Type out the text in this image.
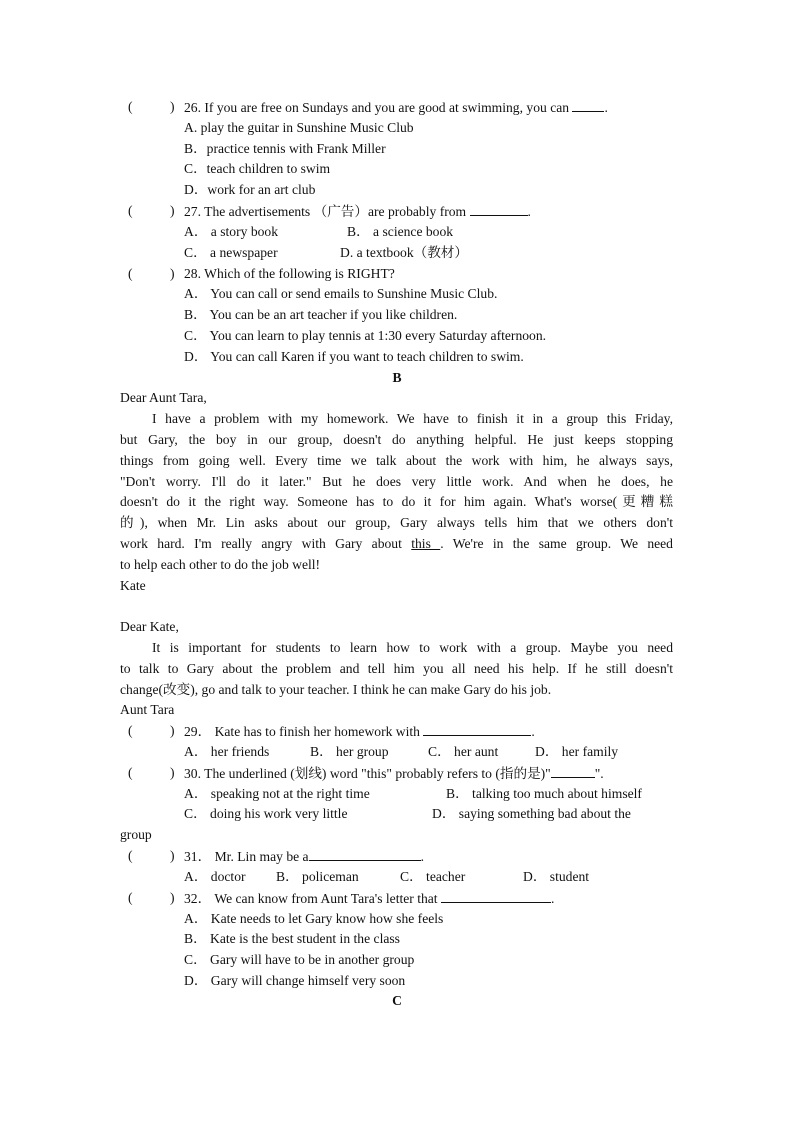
(	) 26. If you are free on Sundays and you are good at swimming, you can .
A. play the guitar in Sunshine Music Club
B．practice tennis with Frank Miller
C．teach children to swim
D．work for an art club
(	) 27. The advertisements （广告）are probably from	.
A． a story book	B． a science book
C． a newspaper	D. a textbook（教材）
(	) 28. Which of the following is RIGHT?
A． You can call or send emails to Sunshine Music Club.
B． You can be an art teacher if you like children.
C． You can learn to play tennis at 1:30 every Saturday afternoon.
D． You can call Karen if you want to teach children to swim.
B
Dear Aunt Tara,
I have a problem with my homework. We have to finish it in a group this Friday,
but Gary, the boy in our group, doesn't do anything helpful. He just keeps stopping
things from going well. Every time we talk about the work with him, he always says,
"Don't worry. I'll do it later." But he does very little work. And when he does, he
doesn't do it the right way. Someone has to do it for him again. What's worse(更糟糕
的), when Mr. Lin asks about our group, Gary always tells him that we others don't
work hard. I'm really angry with Gary about this . We're in the same group. We need
to help each other to do the job well!
Kate
Dear Kate,
It is important for students to learn how to work with a group. Maybe you need
to talk to Gary about the problem and tell him you all need his help. If he still doesn't
change(改变), go and talk to your teacher. I think he can make Gary do his job.
Aunt Tara
(	) 29． Kate has to finish her homework with	.
A． her friends	B． her group	C． her aunt	D． her family
(	) 30. The underlined (划线) word "this" probably refers to (指的是)"	".
A． speaking not at the right time	B． talking too much about himself
C． doing his work very little	D． saying something bad about the
group
(	) 31． Mr. Lin may be a	.
A． doctor B． policeman	C． teacher	D． student
(	) 32． We can know from Aunt Tara's letter that	.
A． Kate needs to let Gary know how she feels
B． Kate is the best student in the class
C． Gary will have to be in another group
D． Gary will change himself very soon
C
